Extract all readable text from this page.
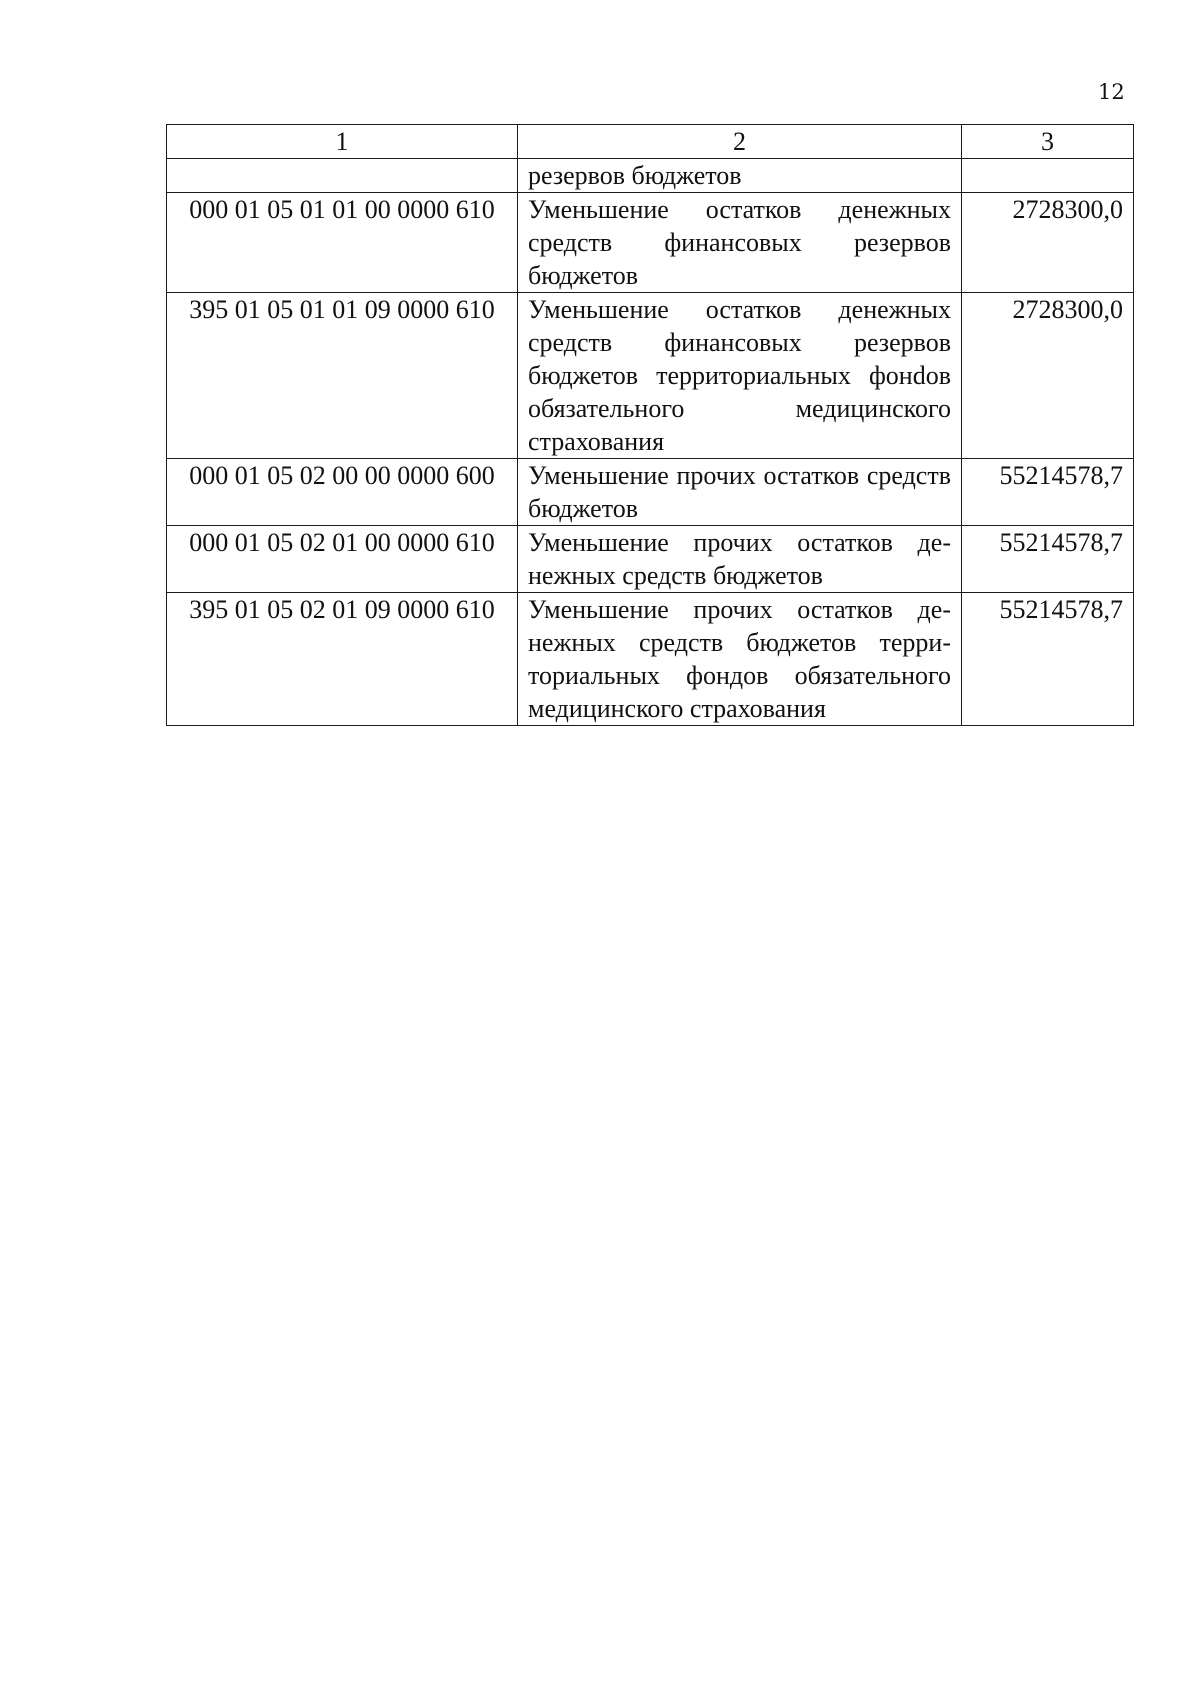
12
1	2	3
	резервов бюджетов	
000 01 05 01 01 00 0000 610	Уменьшение остатков денежных средств финансовых резервов бюджетов	2728300,0
395 01 05 01 01 09 0000 610	Уменьшение остатков денежных средств финансовых резервов бюджетов территориальных фонdов обязательного медицинского страхования	2728300,0
000 01 05 02 00 00 0000 600	Уменьшение прочих остатков средств бюджетов	55214578,7
000 01 05 02 01 00 0000 610	Уменьшение прочих остатков денежных средств бюджетов	55214578,7
395 01 05 02 01 09 0000 610	Уменьшение прочих остатков денежных средств бюджетов территориальных фондов обязательного медицинского страхования	55214578,7
